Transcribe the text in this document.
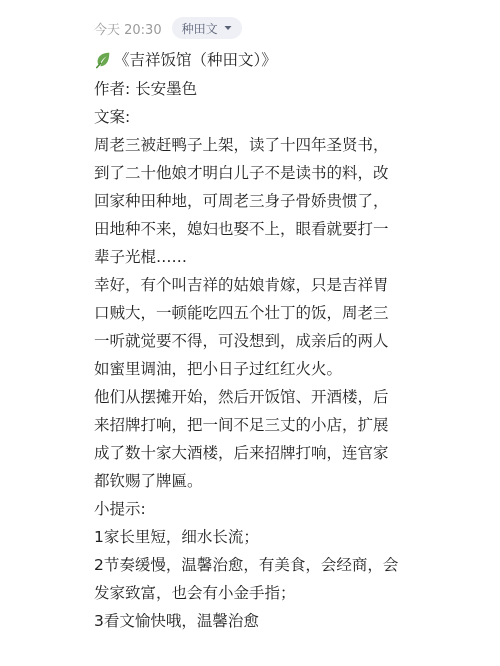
今天 20:30 种田文
《吉祥饭馆（种田文）》
作者: 长安墨色
文案:
周老三被赶鸭子上架，读了十四年圣贤书，
到了二十他娘才明白儿子不是读书的料，改
回家种田种地，可周老三身子骨娇贵惯了，
田地种不来，媳妇也娶不上，眼看就要打一
辈子光棍……
幸好，有个叫吉祥的姑娘肯嫁，只是吉祥胃
口贼大，一顿能吃四五个壮丁的饭，周老三
一听就觉要不得，可没想到，成亲后的两人
如蜜里调油，把小日子过红红火火。
他们从摆摊开始，然后开饭馆、开酒楼，后
来招牌打响，把一间不足三丈的小店，扩展
成了数十家大酒楼，后来招牌打响，连官家
都钦赐了牌匾。
小提示:
1家长里短，细水长流；
2节奏缓慢，温馨治愈，有美食，会经商，会
发家致富，也会有小金手指；
3看文愉快哦，温馨治愈
